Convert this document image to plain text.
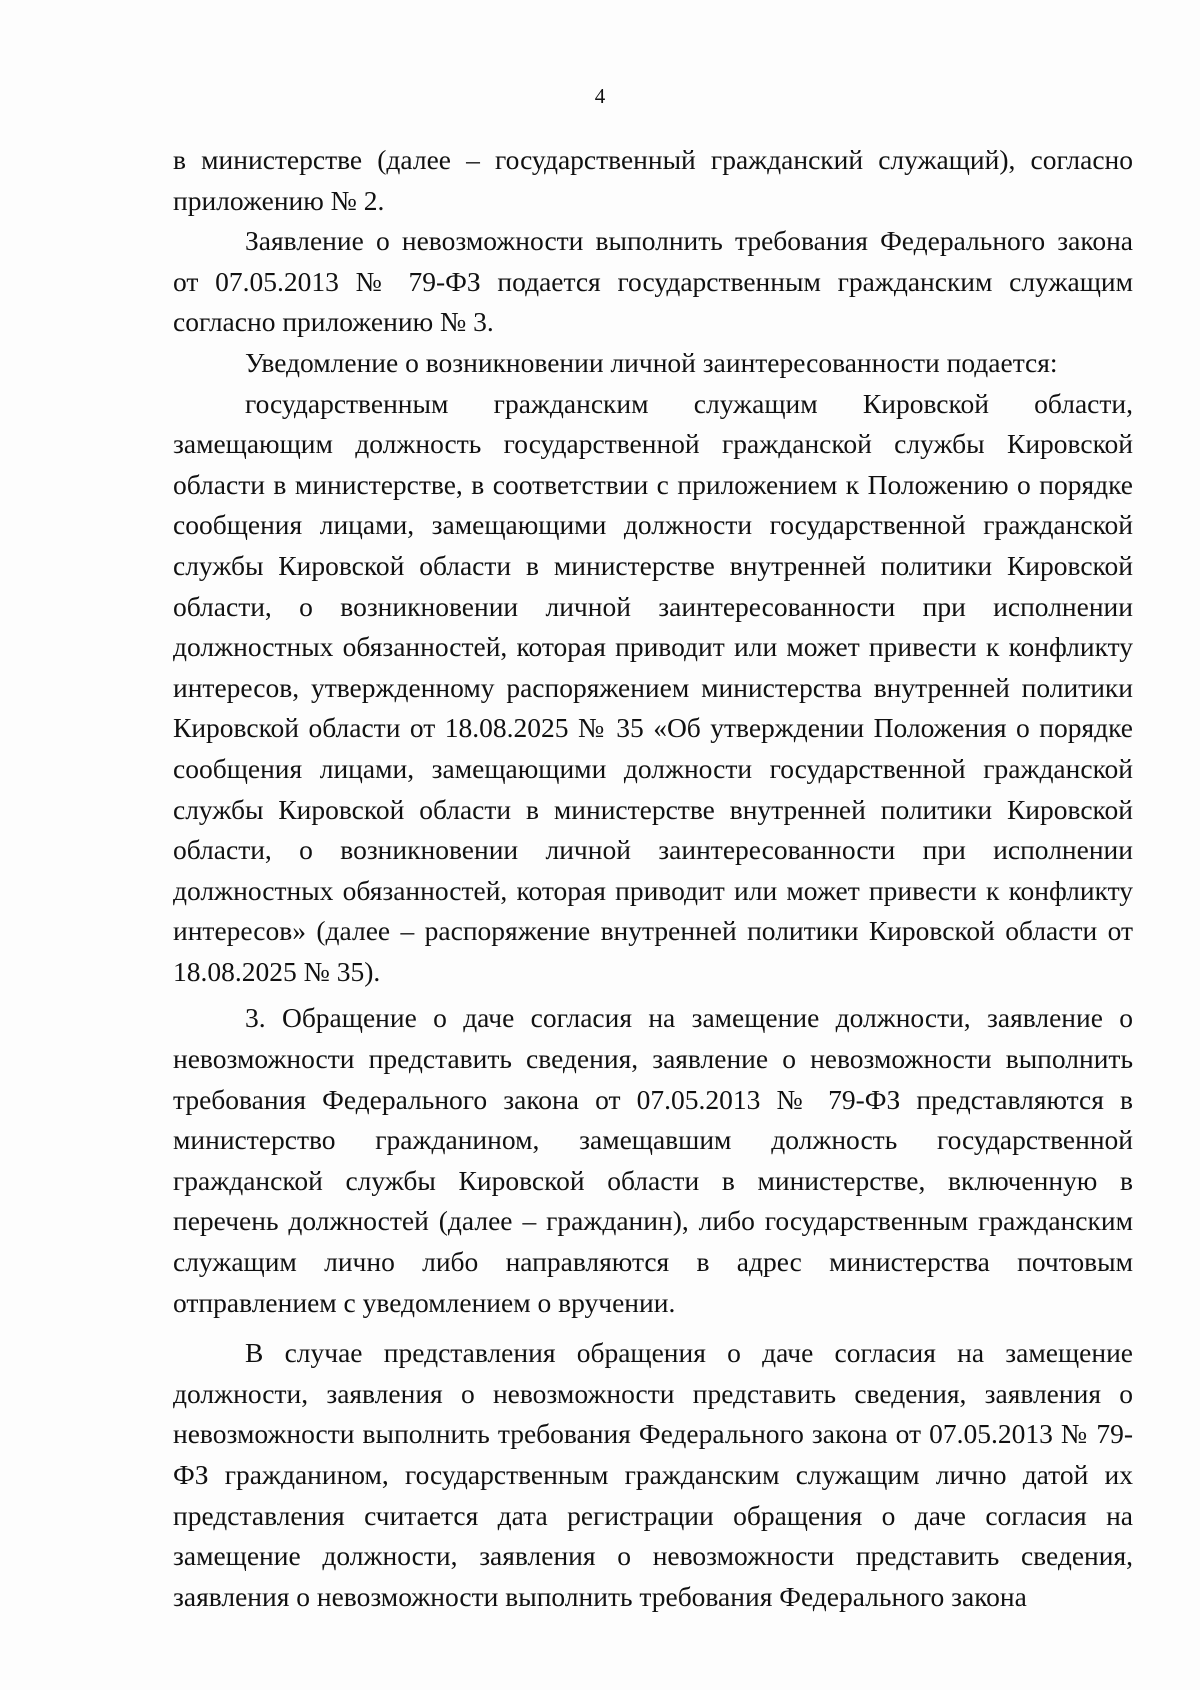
4

в министерстве (далее – государственный гражданский служащий), согласно приложению № 2.

Заявление о невозможности выполнить требования Федерального закона от 07.05.2013 № 79-ФЗ подается государственным гражданским служащим согласно приложению № 3.

Уведомление о возникновении личной заинтересованности подается:

государственным гражданским служащим Кировской области, замещающим должность государственной гражданской службы Кировской области в министерстве, в соответствии с приложением к Положению о порядке сообщения лицами, замещающими должности государственной гражданской службы Кировской области в министерстве внутренней политики Кировской области, о возникновении личной заинтересованности при исполнении должностных обязанностей, которая приводит или может привести к конфликту интересов, утвержденному распоряжением министерства внутренней политики Кировской области от 18.08.2025 № 35 «Об утверждении Положения о порядке сообщения лицами, замещающими должности государственной гражданской службы Кировской области в министерстве внутренней политики Кировской области, о возникновении личной заинтересованности при исполнении должностных обязанностей, которая приводит или может привести к конфликту интересов» (далее – распоряжение внутренней политики Кировской области от 18.08.2025 № 35).

3. Обращение о даче согласия на замещение должности, заявление о невозможности представить сведения, заявление о невозможности выполнить требования Федерального закона от 07.05.2013 № 79-ФЗ представляются в министерство гражданином, замещавшим должность государственной гражданской службы Кировской области в министерстве, включенную в перечень должностей (далее – гражданин), либо государственным гражданским служащим лично либо направляются в адрес министерства почтовым отправлением с уведомлением о вручении.

В случае представления обращения о даче согласия на замещение должности, заявления о невозможности представить сведения, заявления о невозможности выполнить требования Федерального закона от 07.05.2013 № 79-ФЗ гражданином, государственным гражданским служащим лично датой их представления считается дата регистрации обращения о даче согласия на замещение должности, заявления о невозможности представить сведения, заявления о невозможности выполнить требования Федерального закона
